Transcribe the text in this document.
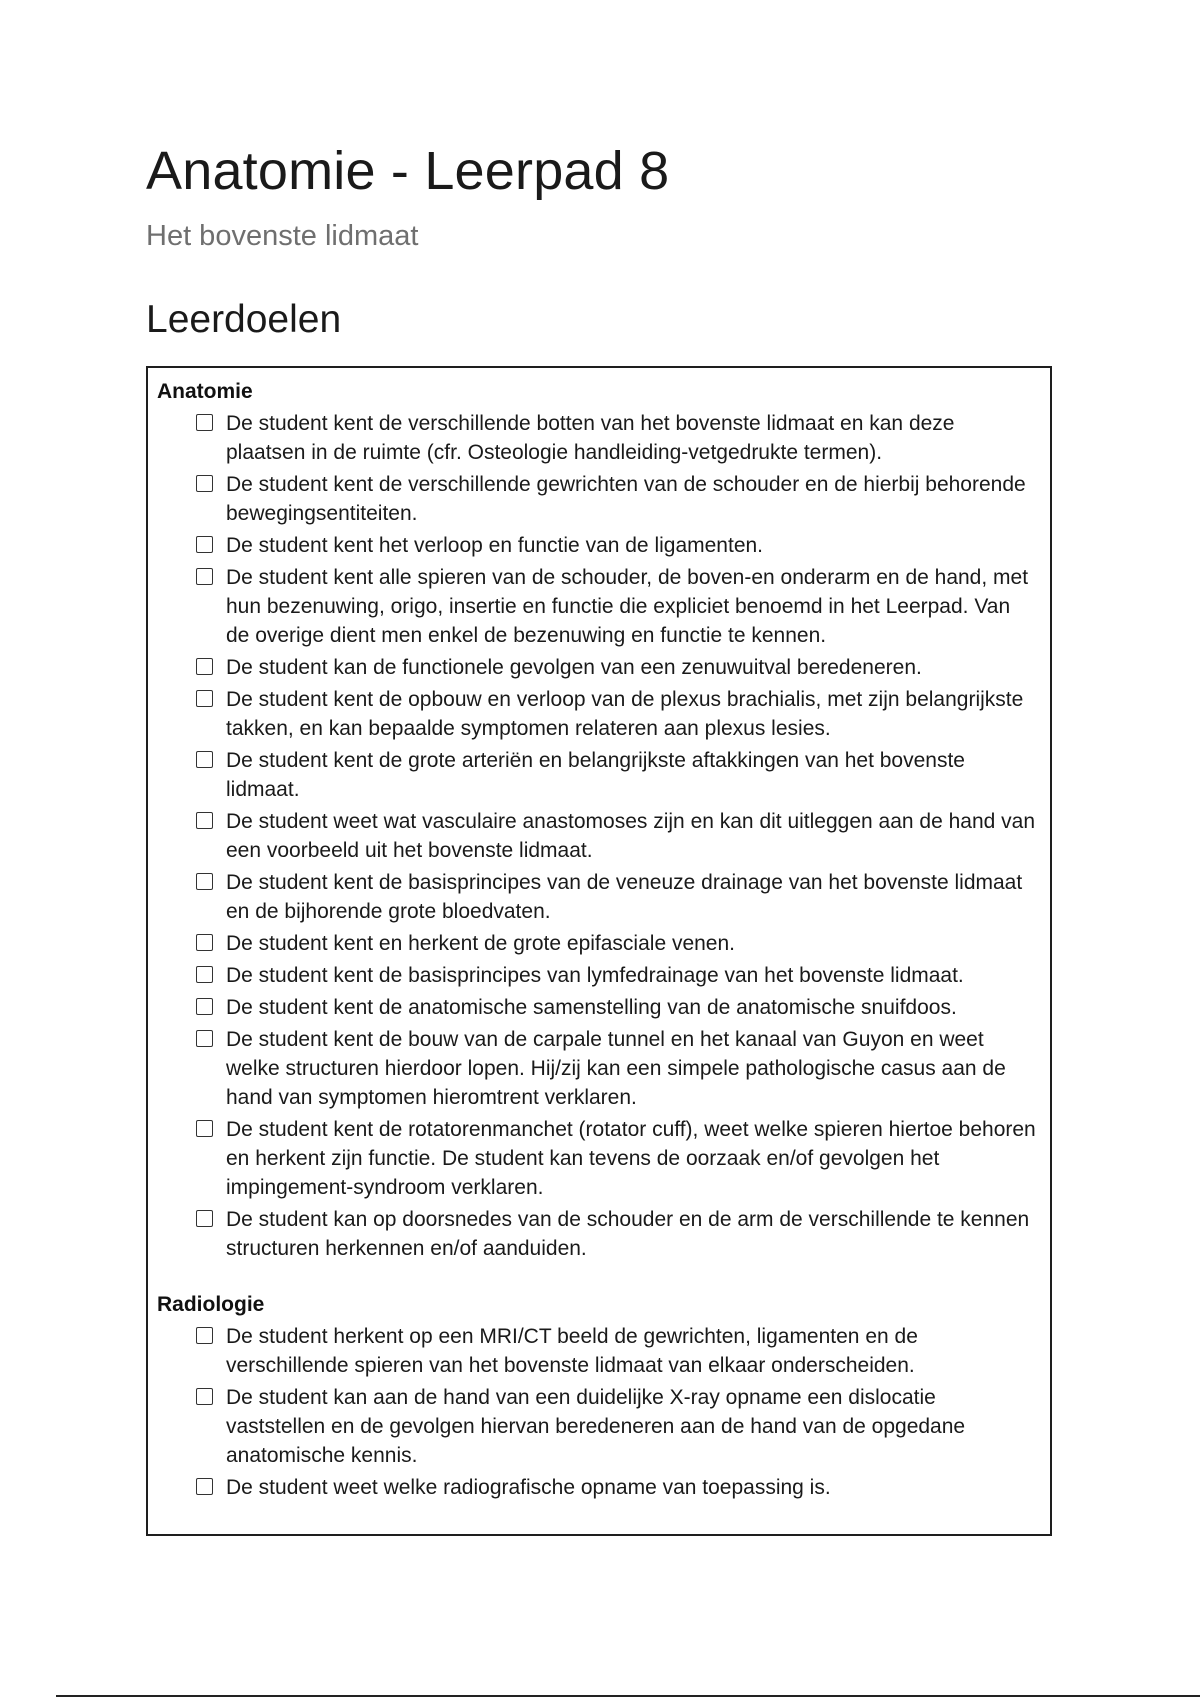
Anatomie - Leerpad 8

Het bovenste lidmaat

Leerdoelen
Anatomie
De student kent de verschillende botten van het bovenste lidmaat en kan deze plaatsen in de ruimte (cfr. Osteologie handleiding-vetgedrukte termen).
De student kent de verschillende gewrichten van de schouder en de hierbij behorende bewegingsentiteiten.
De student kent het verloop en functie van de ligamenten.
De student kent alle spieren van de schouder, de boven-en onderarm en de hand, met hun bezenuwing, origo, insertie en functie die expliciet benoemd in het Leerpad. Van de overige dient men enkel de bezenuwing en functie te kennen.
De student kan de functionele gevolgen van een zenuwuitval beredeneren.
De student kent de opbouw en verloop van de plexus brachialis, met zijn belangrijkste takken, en kan bepaalde symptomen relateren aan plexus lesies.
De student kent de grote arteriën en belangrijkste aftakkingen van het bovenste lidmaat.
De student weet wat vasculaire anastomoses zijn en kan dit uitleggen aan de hand van een voorbeeld uit het bovenste lidmaat.
De student kent de basisprincipes van de veneuze drainage van het bovenste lidmaat en de bijhorende grote bloedvaten.
De student kent en herkent de grote epifasciale venen.
De student kent de basisprincipes van lymfedrainage van het bovenste lidmaat.
De student kent de anatomische samenstelling van de anatomische snuifdoos.
De student kent de bouw van de carpale tunnel en het kanaal van Guyon en weet welke structuren hierdoor lopen. Hij/zij kan een simpele pathologische casus aan de hand van symptomen hieromtrent verklaren.
De student kent de rotatorenmanchet (rotator cuff), weet welke spieren hiertoe behoren en herkent zijn functie. De student kan tevens de oorzaak en/of gevolgen het impingement-syndroom verklaren.
De student kan op doorsnedes van de schouder en de arm de verschillende te kennen structuren herkennen en/of aanduiden.
Radiologie
De student herkent op een MRI/CT beeld de gewrichten, ligamenten en de verschillende spieren van het bovenste lidmaat van elkaar onderscheiden.
De student kan aan de hand van een duidelijke X-ray opname een dislocatie vaststellen en de gevolgen hiervan beredeneren aan de hand van de opgedane anatomische kennis.
De student weet welke radiografische opname van toepassing is.
